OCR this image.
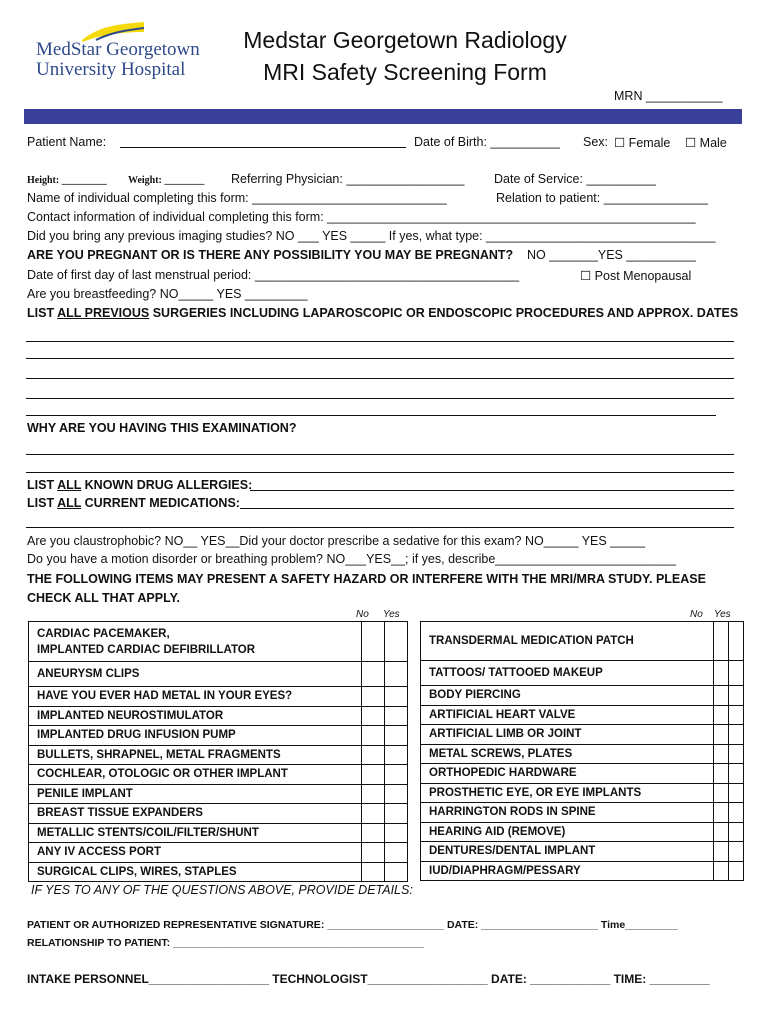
MedStar Georgetown
University Hospital
Medstar Georgetown Radiology
MRI Safety Screening Form
MRN ___________
Patient Name:	Date of Birth: __________ Sex: ☐ Female ☐ Male
Height: _________ Weight: ________ Referring Physician: _________________ Date of Service: __________
Name of individual completing this form: ____________________________	Relation to patient: _______________
Contact information of individual completing this form: _____________________________________________________
Did you bring any previous imaging studies? NO ___ YES _____ If yes, what type: _________________________________
ARE YOU PREGNANT OR IS THERE ANY POSSIBILITY YOU MAY BE PREGNANT? NO _______YES __________
Date of first day of last menstrual period: ______________________________________	☐ Post Menopausal
Are you breastfeeding? NO_____ YES _________
LIST ALL PREVIOUS SURGERIES INCLUDING LAPAROSCOPIC OR ENDOSCOPIC PROCEDURES AND APPROX. DATES
WHY ARE YOU HAVING THIS EXAMINATION?
LIST ALL KNOWN DRUG ALLERGIES:
LIST ALL CURRENT MEDICATIONS:
Are you claustrophobic? NO__ YES__Did your doctor prescribe a sedative for this exam? NO_____ YES _____
Do you have a motion disorder or breathing problem? NO___YES__; if yes, describe__________________________
THE FOLLOWING ITEMS MAY PRESENT A SAFETY HAZARD OR INTERFERE WITH THE MRI/MRA STUDY. PLEASE
CHECK ALL THAT APPLY.
No Yes	No Yes
CARDIAC PACEMAKER,
IMPLANTED CARDIAC DEFIBRILLATOR		
ANEURYSM CLIPS		
HAVE YOU EVER HAD METAL IN YOUR EYES?		
IMPLANTED NEUROSTIMULATOR		
IMPLANTED DRUG INFUSION PUMP		
BULLETS, SHRAPNEL, METAL FRAGMENTS		
COCHLEAR, OTOLOGIC OR OTHER IMPLANT		
PENILE IMPLANT		
BREAST TISSUE EXPANDERS		
METALLIC STENTS/COIL/FILTER/SHUNT		
ANY IV ACCESS PORT		
SURGICAL CLIPS, WIRES, STAPLES		
TRANSDERMAL MEDICATION PATCH		
TATTOOS/ TATTOOED MAKEUP		
BODY PIERCING		
ARTIFICIAL HEART VALVE		
ARTIFICIAL LIMB OR JOINT		
METAL SCREWS, PLATES		
ORTHOPEDIC HARDWARE		
PROSTHETIC EYE, OR EYE IMPLANTS		
HARRINGTON RODS IN SPINE		
HEARING AID (REMOVE)		
DENTURES/DENTAL IMPLANT		
IUD/DIAPHRAGM/PESSARY		
IF YES TO ANY OF THE QUESTIONS ABOVE, PROVIDE DETAILS:
PATIENT OR AUTHORIZED REPRESENTATIVE SIGNATURE: ____________________ DATE: ____________________ Time_________
RELATIONSHIP TO PATIENT: ___________________________________________
INTAKE PERSONNEL__________________ TECHNOLOGIST__________________ DATE: ____________ TIME: _________
